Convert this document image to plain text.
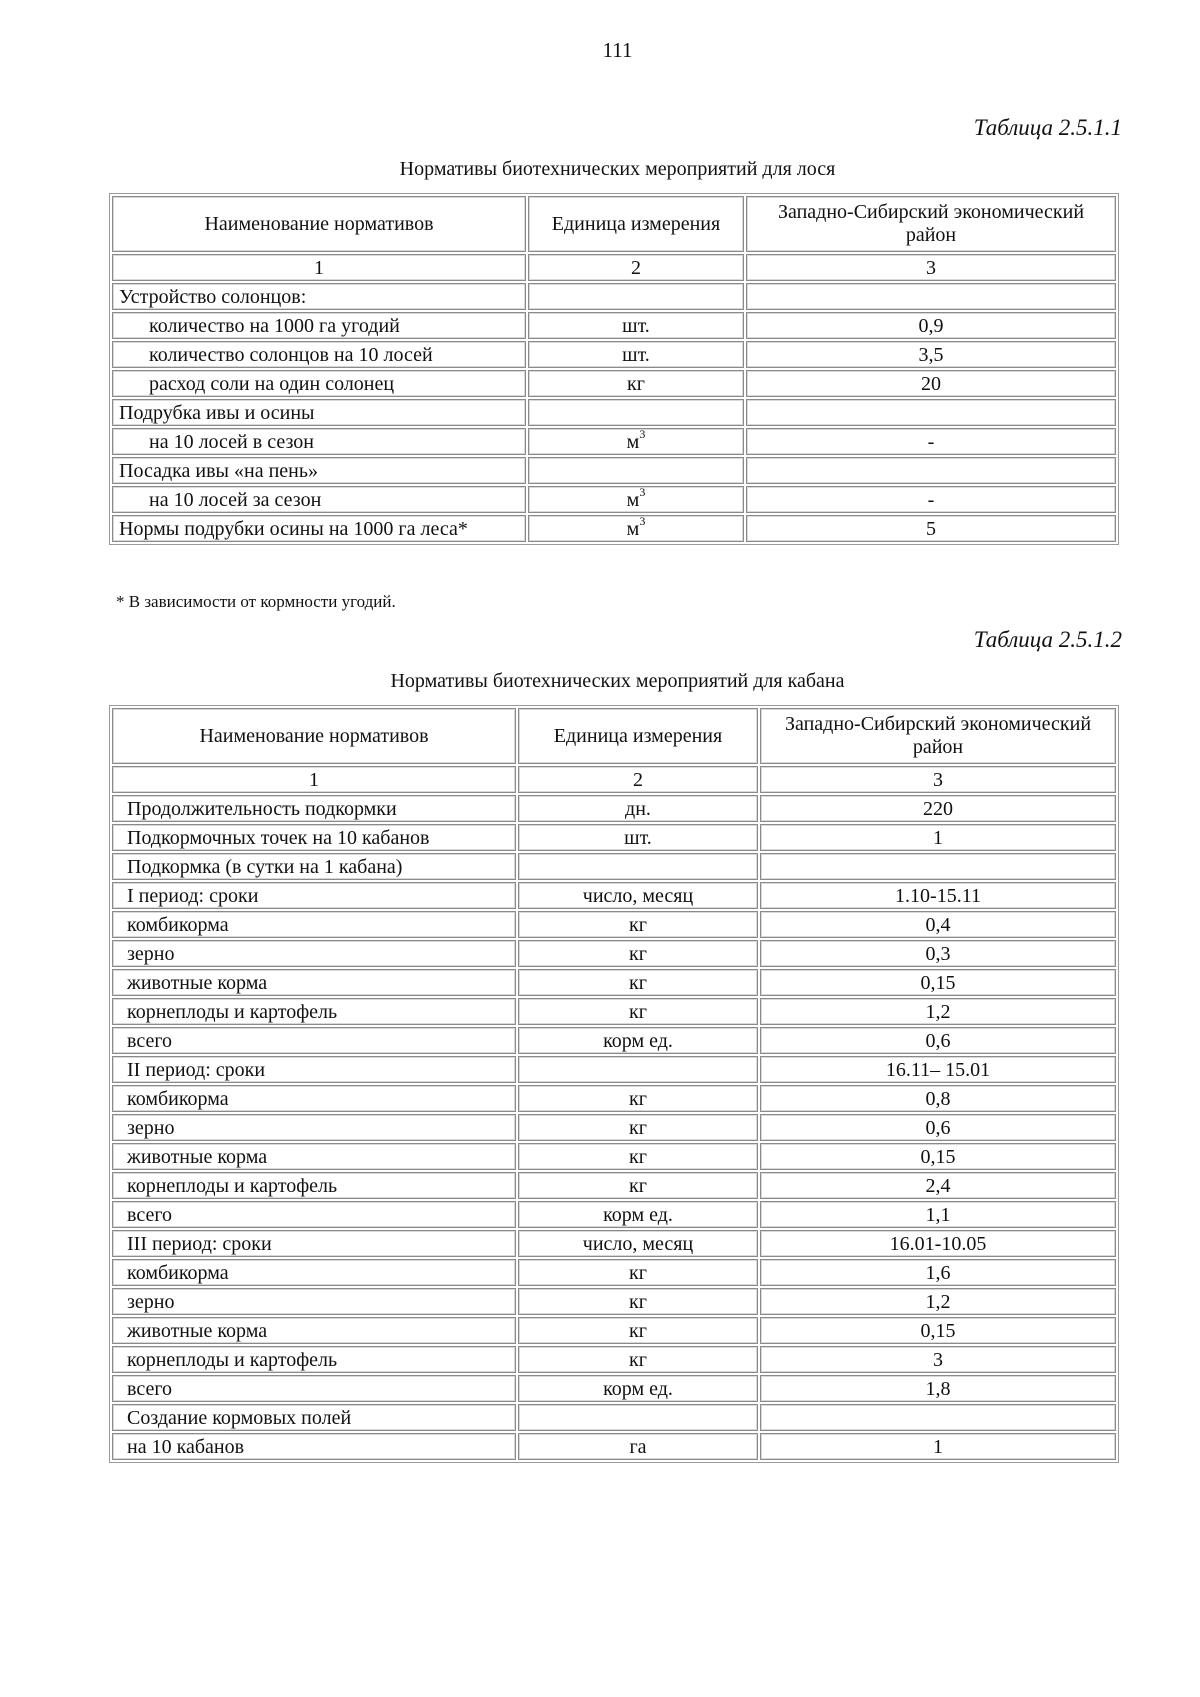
111
Таблица 2.5.1.1
Нормативы биотехнических мероприятий для лося
Наименование нормативов	Единица измерения	Западно-Сибирский экономический район
1	2	3
Устройство солонцов:		
количество на 1000 га угодий	шт.	0,9
количество солонцов на 10 лосей	шт.	3,5
расход соли на один солонец	кг	20
Подрубка ивы и осины		
на 10 лосей в сезон	$м^3$	-
Посадка ивы «на пень»		
на 10 лосей за сезон	$м^3$	-
Нормы подрубки осины на 1000 га леса*	$м^3$	5
* В зависимости от кормности угодий.
Таблица 2.5.1.2
Нормативы биотехнических мероприятий для кабана
Наименование нормативов	Единица измерения	Западно-Сибирский экономический район
1	2	3
Продолжительность подкормки	дн.	220
Подкормочных точек на 10 кабанов	шт.	1
Подкормка (в сутки на 1 кабана)		
I период: сроки	число, месяц	1.10-15.11
комбикорма	кг	0,4
зерно	кг	0,3
животные корма	кг	0,15
корнеплоды и картофель	кг	1,2
всего	корм ед.	0,6
II период: сроки		16.11– 15.01
комбикорма	кг	0,8
зерно	кг	0,6
животные корма	кг	0,15
корнеплоды и картофель	кг	2,4
всего	корм ед.	1,1
III период: сроки	число, месяц	16.01-10.05
комбикорма	кг	1,6
зерно	кг	1,2
животные корма	кг	0,15
корнеплоды и картофель	кг	3
всего	корм ед.	1,8
Создание кормовых полей		
на 10 кабанов	га	1
